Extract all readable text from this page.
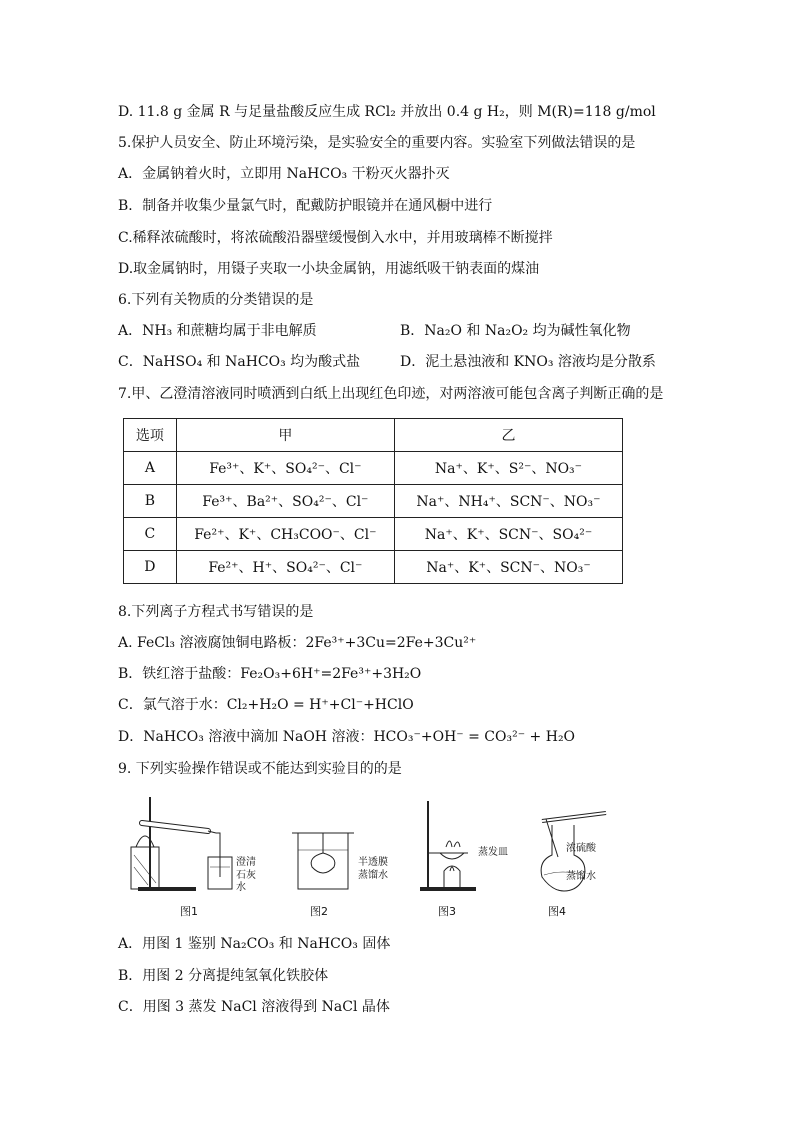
D. 11.8 g 金属 R 与足量盐酸反应生成 RCl₂ 并放出 0.4 g H₂，则 M(R)=118 g/mol
5.保护人员安全、防止环境污染，是实验安全的重要内容。实验室下列做法错误的是
A．金属钠着火时，立即用 NaHCO₃ 干粉灭火器扑灭
B．制备并收集少量氯气时，配戴防护眼镜并在通风橱中进行
C.稀释浓硫酸时，将浓硫酸沿器壁缓慢倒入水中，并用玻璃棒不断搅拌
D.取金属钠时，用镊子夹取一小块金属钠，用滤纸吸干钠表面的煤油
6.下列有关物质的分类错误的是
A．NH₃ 和蔗糖均属于非电解质	B．Na₂O 和 Na₂O₂ 均为碱性氧化物
C．NaHSO₄ 和 NaHCO₃ 均为酸式盐	D．泥土悬浊液和 KNO₃ 溶液均是分散系
7.甲、乙澄清溶液同时喷洒到白纸上出现红色印迹，对两溶液可能包含离子判断正确的是
选项	甲	乙
A	Fe³⁺、K⁺、SO₄²⁻、Cl⁻	Na⁺、K⁺、S²⁻、NO₃⁻
B	Fe³⁺、Ba²⁺、SO₄²⁻、Cl⁻	Na⁺、NH₄⁺、SCN⁻、NO₃⁻
C	Fe²⁺、K⁺、CH₃COO⁻、Cl⁻	Na⁺、K⁺、SCN⁻、SO₄²⁻
D	Fe²⁺、H⁺、SO₄²⁻、Cl⁻	Na⁺、K⁺、SCN⁻、NO₃⁻
8.下列离子方程式书写错误的是
A. FeCl₃ 溶液腐蚀铜电路板：2Fe³⁺+3Cu=2Fe+3Cu²⁺
B．铁红溶于盐酸：Fe₂O₃+6H⁺=2Fe³⁺+3H₂O
C．氯气溶于水：Cl₂+H₂O = H⁺+Cl⁻+HClO
D．NaHCO₃ 溶液中滴加 NaOH 溶液：HCO₃⁻+OH⁻ = CO₃²⁻ + H₂O
9. 下列实验操作错误或不能达到实验目的的是
澄清
石灰水
图1
半透膜
蒸馏水
图2
蒸发皿
图3
浓硫酸
蒸馏水
图4
A．用图 1 鉴别 Na₂CO₃ 和 NaHCO₃ 固体
B．用图 2 分离提纯氢氧化铁胶体
C．用图 3 蒸发 NaCl 溶液得到 NaCl 晶体
